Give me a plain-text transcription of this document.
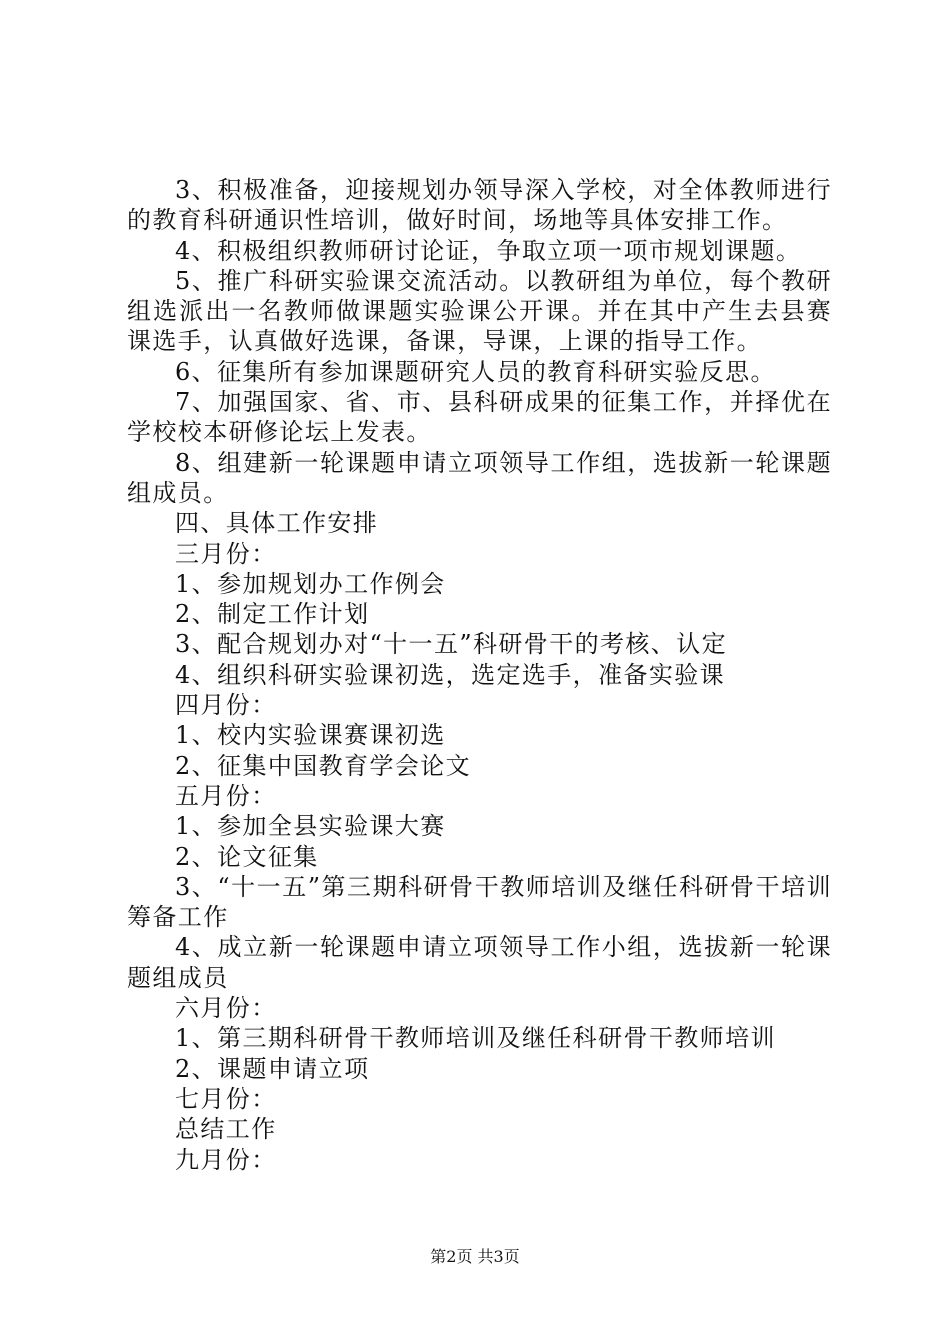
3、积极准备，迎接规划办领导深入学校，对全体教师进行的教育科研通识性培训，做好时间，场地等具体安排工作。

4、积极组织教师研讨论证，争取立项一项市规划课题。

5、推广科研实验课交流活动。以教研组为单位，每个教研组选派出一名教师做课题实验课公开课。并在其中产生去县赛课选手，认真做好选课，备课，导课，上课的指导工作。

6、征集所有参加课题研究人员的教育科研实验反思。

7、加强国家、省、市、县科研成果的征集工作，并择优在学校校本研修论坛上发表。

8、组建新一轮课题申请立项领导工作组，选拔新一轮课题组成员。

四、具体工作安排

三月份：

1、参加规划办工作例会

2、制定工作计划

3、配合规划办对“十一五”科研骨干的考核、认定

4、组织科研实验课初选，选定选手，准备实验课

四月份：

1、校内实验课赛课初选

2、征集中国教育学会论文

五月份：

1、参加全县实验课大赛

2、论文征集

3、“十一五”第三期科研骨干教师培训及继任科研骨干培训筹备工作

4、成立新一轮课题申请立项领导工作小组，选拔新一轮课题组成员

六月份：

1、第三期科研骨干教师培训及继任科研骨干教师培训

2、课题申请立项

七月份：

总结工作

九月份：

第2页 共3页
